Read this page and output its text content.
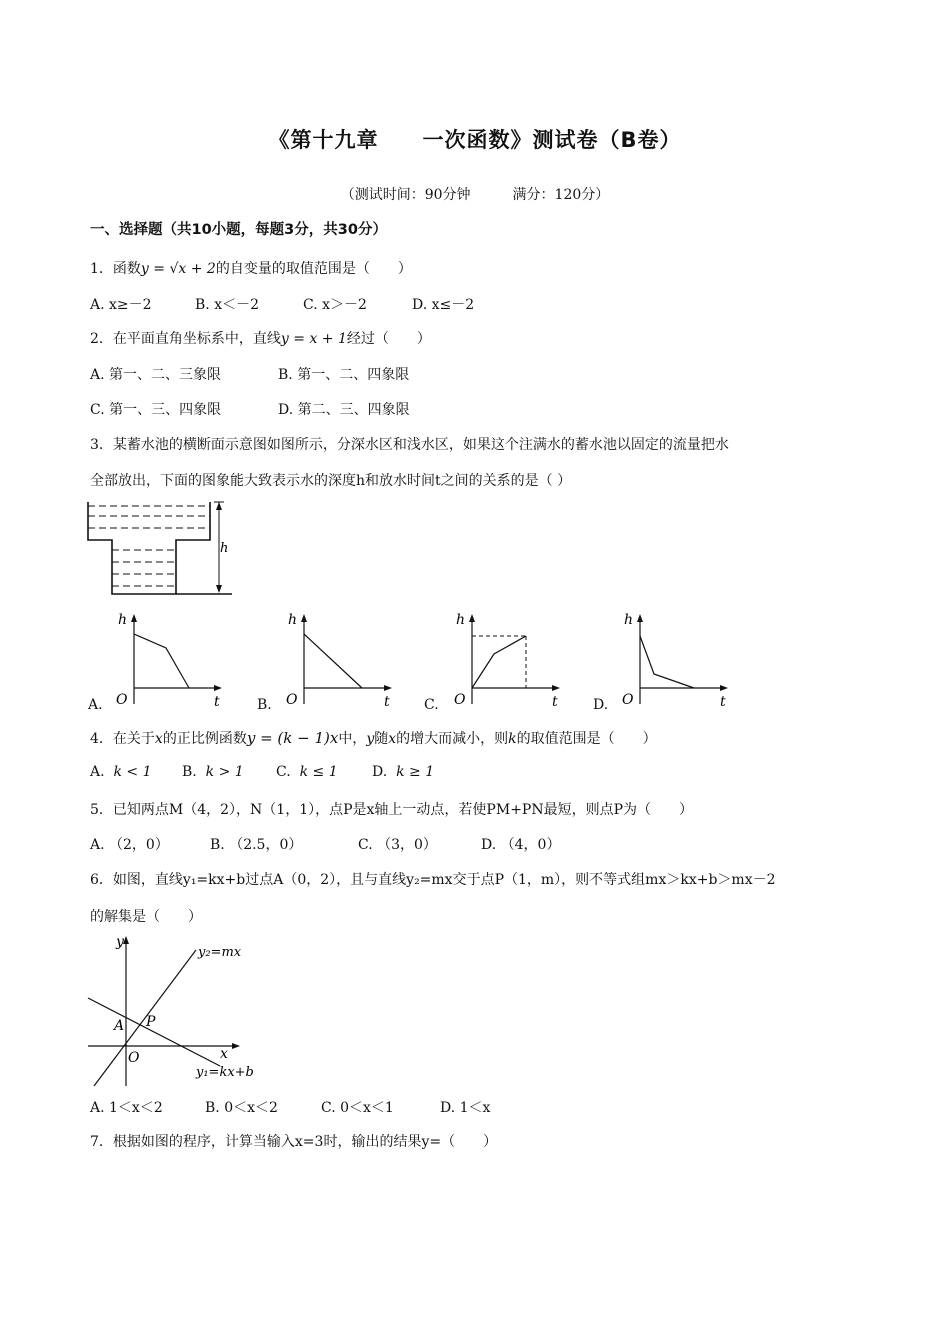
《第十九章　　一次函数》测试卷（B卷）
（测试时间：90分钟　　　满分：120分）
一、选择题（共10小题，每题3分，共30分）
1．函数y = √x + 2的自变量的取值范围是（　　）
A. x≥－2	B. x＜－2	C. x＞－2	D. x≤－2
2．在平面直角坐标系中，直线y = x + 1经过（　　）
A. 第一、二、三象限	B. 第一、二、四象限
C. 第一、三、四象限	D. 第二、三、四象限
3．某蓄水池的横断面示意图如图所示，分深水区和浅水区，如果这个注满水的蓄水池以固定的流量把水
全部放出，下面的图象能大致表示水的深度h和放水时间t之间的关系的是（ ）
h
A.
h
O	t	B.
h
O	t C.
h
O	t	D.
h
O	t
4．在关于x的正比例函数y = (k − 1)x中，y随x的增大而减小，则k的取值范围是（　　）
A. k < 1 B. k > 1 C. k ≤ 1 D. k ≥ 1
5．已知两点M（4，2），N（1，1），点P是x轴上一动点，若使PM+PN最短，则点P为（　　）
A. （2，0）	B. （2.5，0）	C. （3，0）	D. （4，0）
6．如图，直线y₁=kx+b过点A（0，2），且与直线y₂=mx交于点P（1，m），则不等式组mx＞kx+b＞mx－2
的解集是（　　）
y
x
O
A P
y₂=mx
y₁=kx+b
A. 1＜x＜2	B. 0＜x＜2	C. 0＜x＜1	D. 1＜x
7．根据如图的程序，计算当输入x=3时，输出的结果y=（　　）
